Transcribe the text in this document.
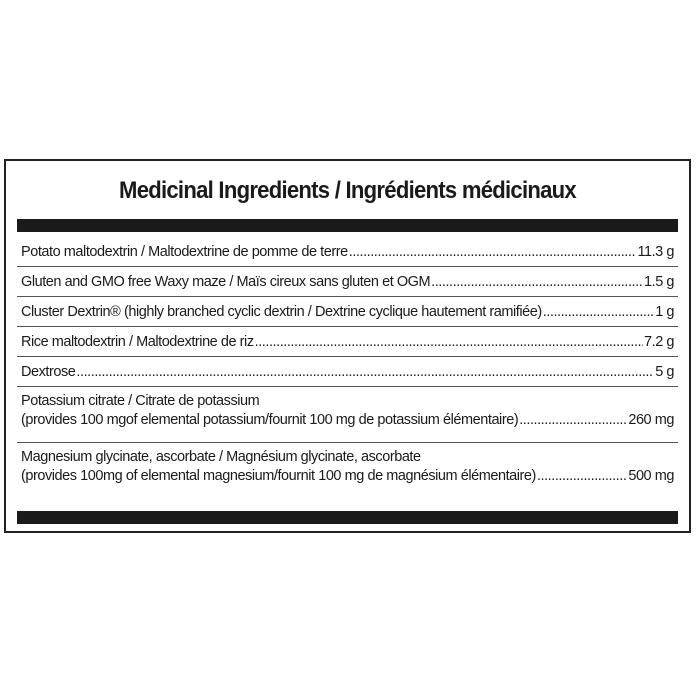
Medicinal Ingredients / Ingrédients médicinaux
Potato maltodextrin / Maltodextrine de pomme de terre .....	11.3 g
Gluten and GMO free Waxy maze / Maïs cireux sans gluten et OGM .....	1.5 g
Cluster Dextrin® (highly branched cyclic dextrin / Dextrine cyclique hautement ramifiée) .....	1 g
Rice maltodextrin / Maltodextrine de riz .....	7.2 g
Dextrose .....	5 g
Potassium citrate / Citrate de potassium
(provides 100 mgof elemental potassium/fournit 100 mg de potassium élémentaire) .....	260 mg
Magnesium glycinate, ascorbate / Magnésium glycinate, ascorbate
(provides 100mg of elemental magnesium/fournit 100 mg de magnésium élémentaire) .....	500 mg
